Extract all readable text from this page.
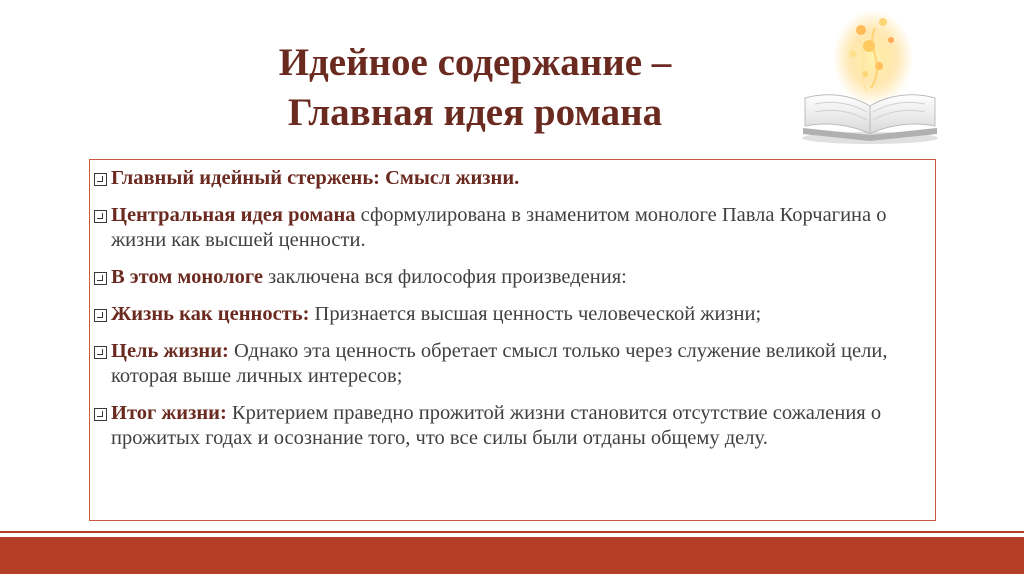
Идейное содержание –
Главная идея романа
Главный идейный стержень: Смысл жизни.
Центральная идея романа сформулирована в знаменитом монологе Павла Корчагина о жизни как высшей ценности.
В этом монологе заключена вся философия произведения:
Жизнь как ценность: Признается высшая ценность человеческой жизни;
Цель жизни: Однако эта ценность обретает смысл только через служение великой цели, которая выше личных интересов;
Итог жизни: Критерием праведно прожитой жизни становится отсутствие сожаления о прожитых годах и осознание того, что все силы были отданы общему делу.
